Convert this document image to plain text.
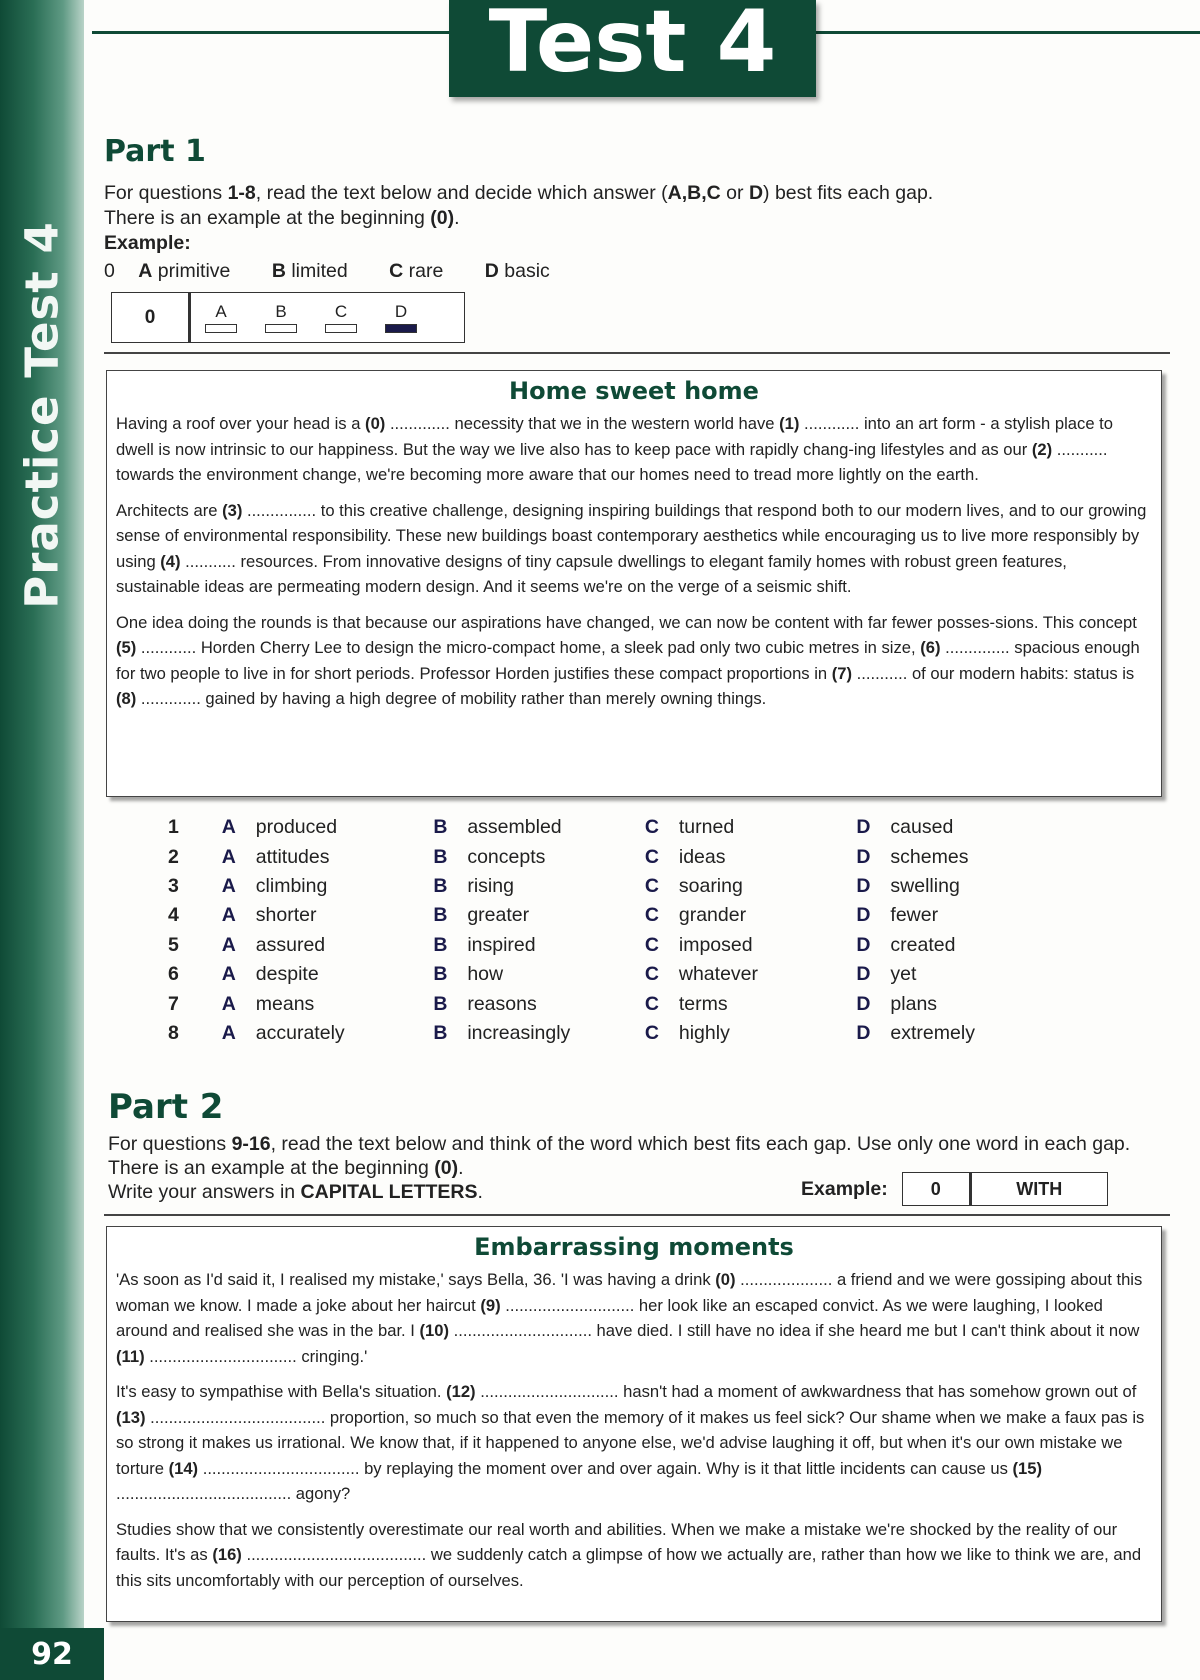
Practice Test 4
92
Test 4
Part 1
For questions 1-8, read the text below and decide which answer (A,B,C or D) best fits each gap.
There is an example at the beginning (0).
Example:
0 A primitive B limited C rare D basic
0	A	B	C	D
Home sweet home

Having a roof over your head is a (0) ............. necessity that we in the western world have (1) ............ into an art form - a stylish place to dwell is now intrinsic to our happiness. But the way we live also has to keep pace with rapidly chang-ing lifestyles and as our (2) ........... towards the environment change, we're becoming more aware that our homes need to tread more lightly on the earth.

Architects are (3) ............... to this creative challenge, designing inspiring buildings that respond both to our modern lives, and to our growing sense of environmental responsibility. These new buildings boast contemporary aesthetics while encouraging us to live more responsibly by using (4) ........... resources. From innovative designs of tiny capsule dwellings to elegant family homes with robust green features, sustainable ideas are permeating modern design. And it seems we're on the verge of a seismic shift.

One idea doing the rounds is that because our aspirations have changed, we can now be content with far fewer posses-sions. This concept (5) ............ Horden Cherry Lee to design the micro-compact home, a sleek pad only two cubic metres in size, (6) .............. spacious enough for two people to live in for short periods. Professor Horden justifies these compact proportions in (7) ........... of our modern habits: status is (8) ............. gained by having a high degree of mobility rather than merely owning things.

1	A	produced	B	assembled	C	turned	D	caused
2	A	attitudes	B	concepts	C	ideas	D	schemes
3	A	climbing	B	rising	C	soaring	D	swelling
4	A	shorter	B	greater	C	grander	D	fewer
5	A	assured	B	inspired	C	imposed	D	created
6	A	despite	B	how	C	whatever	D	yet
7	A	means	B	reasons	C	terms	D	plans
8	A	accurately	B	increasingly	C	highly	D	extremely
Part 2
For questions 9-16, read the text below and think of the word which best fits each gap. Use only one word in each gap. There is an example at the beginning (0).
Write your answers in CAPITAL LETTERS.	Example:	0	WITH
Embarrassing moments

'As soon as I'd said it, I realised my mistake,' says Bella, 36. 'I was having a drink (0) .................... a friend and we were gossiping about this woman we know. I made a joke about her haircut (9) ............................ her look like an escaped convict. As we were laughing, I looked around and realised she was in the bar. I (10) .............................. have died. I still have no idea if she heard me but I can't think about it now (11) ................................ cringing.'

It's easy to sympathise with Bella's situation. (12) .............................. hasn't had a moment of awkwardness that has somehow grown out of (13) ...................................... proportion, so much so that even the memory of it makes us feel sick? Our shame when we make a faux pas is so strong it makes us irrational. We know that, if it happened to anyone else, we'd advise laughing it off, but when it's our own mistake we torture (14) .................................. by replaying the moment over and over again. Why is it that little incidents can cause us (15) ...................................... agony?

Studies show that we consistently overestimate our real worth and abilities. When we make a mistake we're shocked by the reality of our faults. It's as (16) ....................................... we suddenly catch a glimpse of how we actually are, rather than how we like to think we are, and this sits uncomfortably with our perception of ourselves.
